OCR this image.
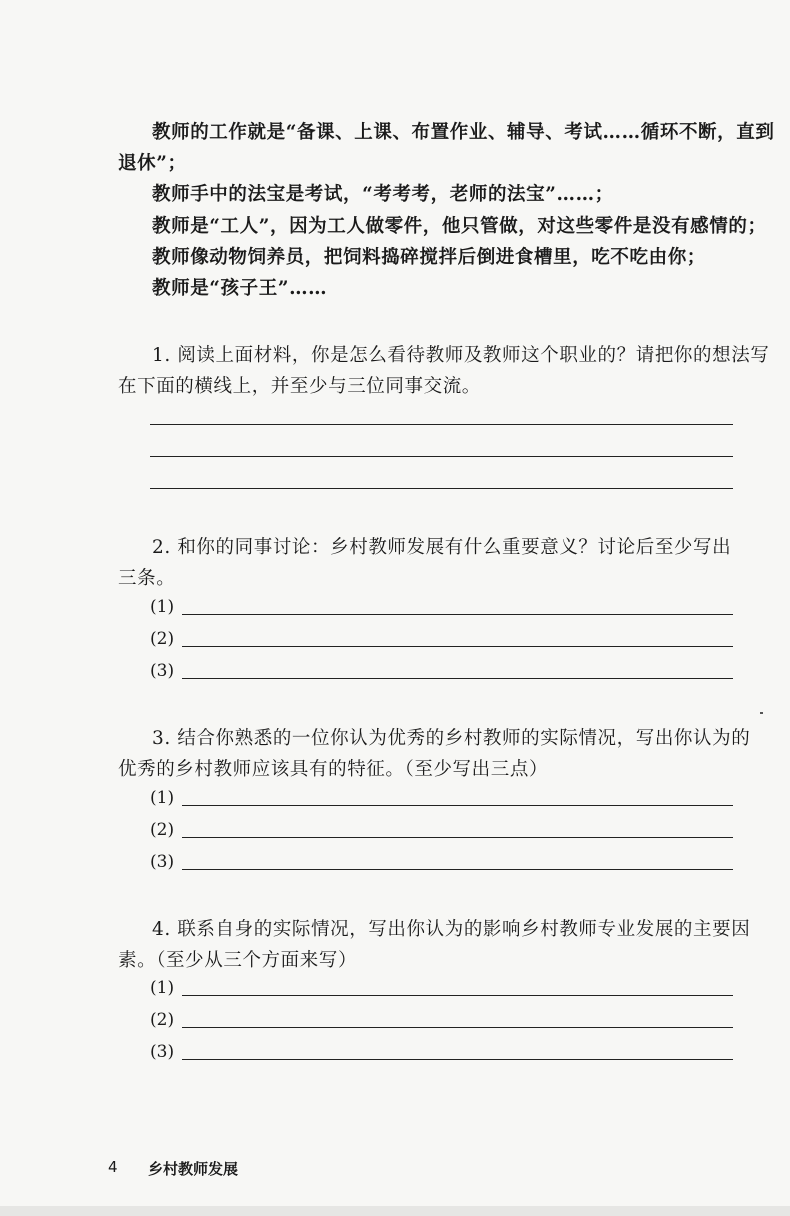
教师的工作就是“备课、上课、布置作业、辅导、考试……循环不断，直到
退休”；
教师手中的法宝是考试，“考考考，老师的法宝”……；
教师是“工人”，因为工人做零件，他只管做，对这些零件是没有感情的；
教师像动物饲养员，把饲料捣碎搅拌后倒进食槽里，吃不吃由你；
教师是“孩子王”……
1. 阅读上面材料，你是怎么看待教师及教师这个职业的？请把你的想法写
在下面的横线上，并至少与三位同事交流。
2. 和你的同事讨论：乡村教师发展有什么重要意义？讨论后至少写出
三条。
(1)
(2)
(3)
3. 结合你熟悉的一位你认为优秀的乡村教师的实际情况，写出你认为的
优秀的乡村教师应该具有的特征。（至少写出三点）
(1)
(2)
(3)
4. 联系自身的实际情况，写出你认为的影响乡村教师专业发展的主要因
素。（至少从三个方面来写）
(1)
(2)
(3)
4 乡村教师发展
